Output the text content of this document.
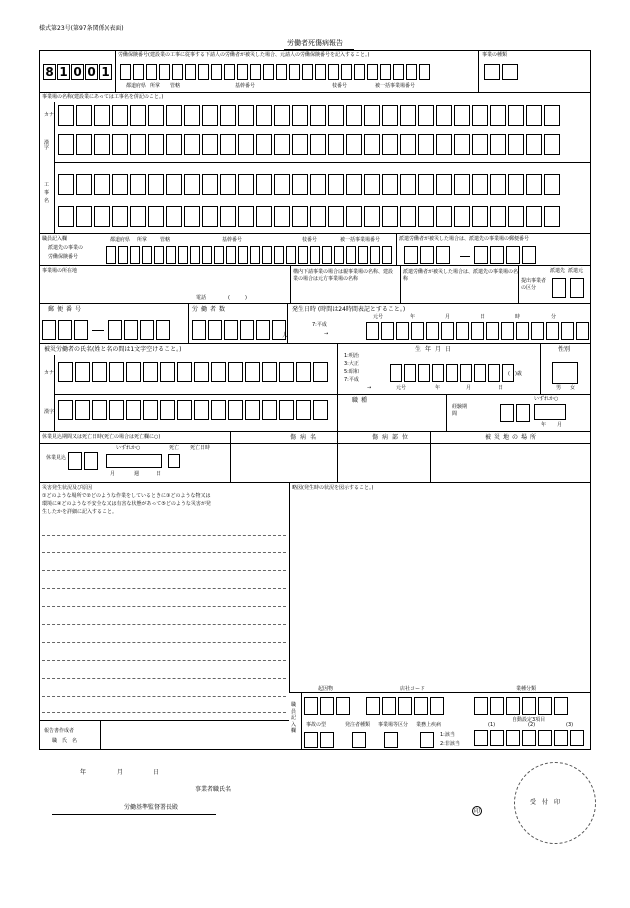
様式第23号(第97条関係)(表面)
労働者死傷病報告
労働保険番号(建設業の工事に従事する下請人の労働者が被災した場合、元請人の労働保険番号を記入すること。)	事業の種類
8 1 0 0 1
都道府県 所掌 管轄	基幹番号	枝番号	被一括事業場番号
事業場の名称(建設業にあっては工事名を併記のこと。)
カナ
漢字
工事名
職員記入欄
派遣先の事業の
労働保険番号
都道府県 所掌	管轄	基幹番号	枝番号	被一括事業場番号	派遣労働者が被災した場合は、派遣先の事業場の郵便番号
事業場の所在地
電話	(　　　)
構内下請事業の場合は親事業場の名称、建設業の場合は元方事業場の名称
派遣労働者が被災した場合は、派遣先の事業場の名称	提出事業者の区分
派遣先 派遣元
郵便番号	労働者数	発生日時 (時間は24時間表記とすること。)
人
7:平成
→
元号	年	月	日	時	分
被災労働者の氏名(姓と名の間は1文字空けること。)	生年月日	性別
カナ
1:明治
3:大正
5:昭和
7:平成
→	元号	年	月	日
(　)歳
男 女
漢字
職種
経験期間
いずれか○
年 月
休業見込期間又は死亡日時(死亡の場合は死亡欄に○)	傷病名	傷病部位	被災地の場所
休業見込
いずれか○
月	週	日
死亡 死亡日時
災害発生状況及び原因
①どのような場所で②どのような作業をしているときに③どのような物又は
環境に④どのような不安全な又は有害な状態があって⑤どのような災害が発
生したかを詳細に記入すること。
略図(発生時の状況を図示すること。)
職員記入欄
起因物	店社コード	業種分類
自動設定3項目
事故の型	発注者種類 事業場等区分 業務上疾病	(1)	(2)	(3)
1:該当
2:非該当
報告書作成者
職　氏　名
年	月	日
事業者職氏名
労働基準監督署長殿
印
受付印
